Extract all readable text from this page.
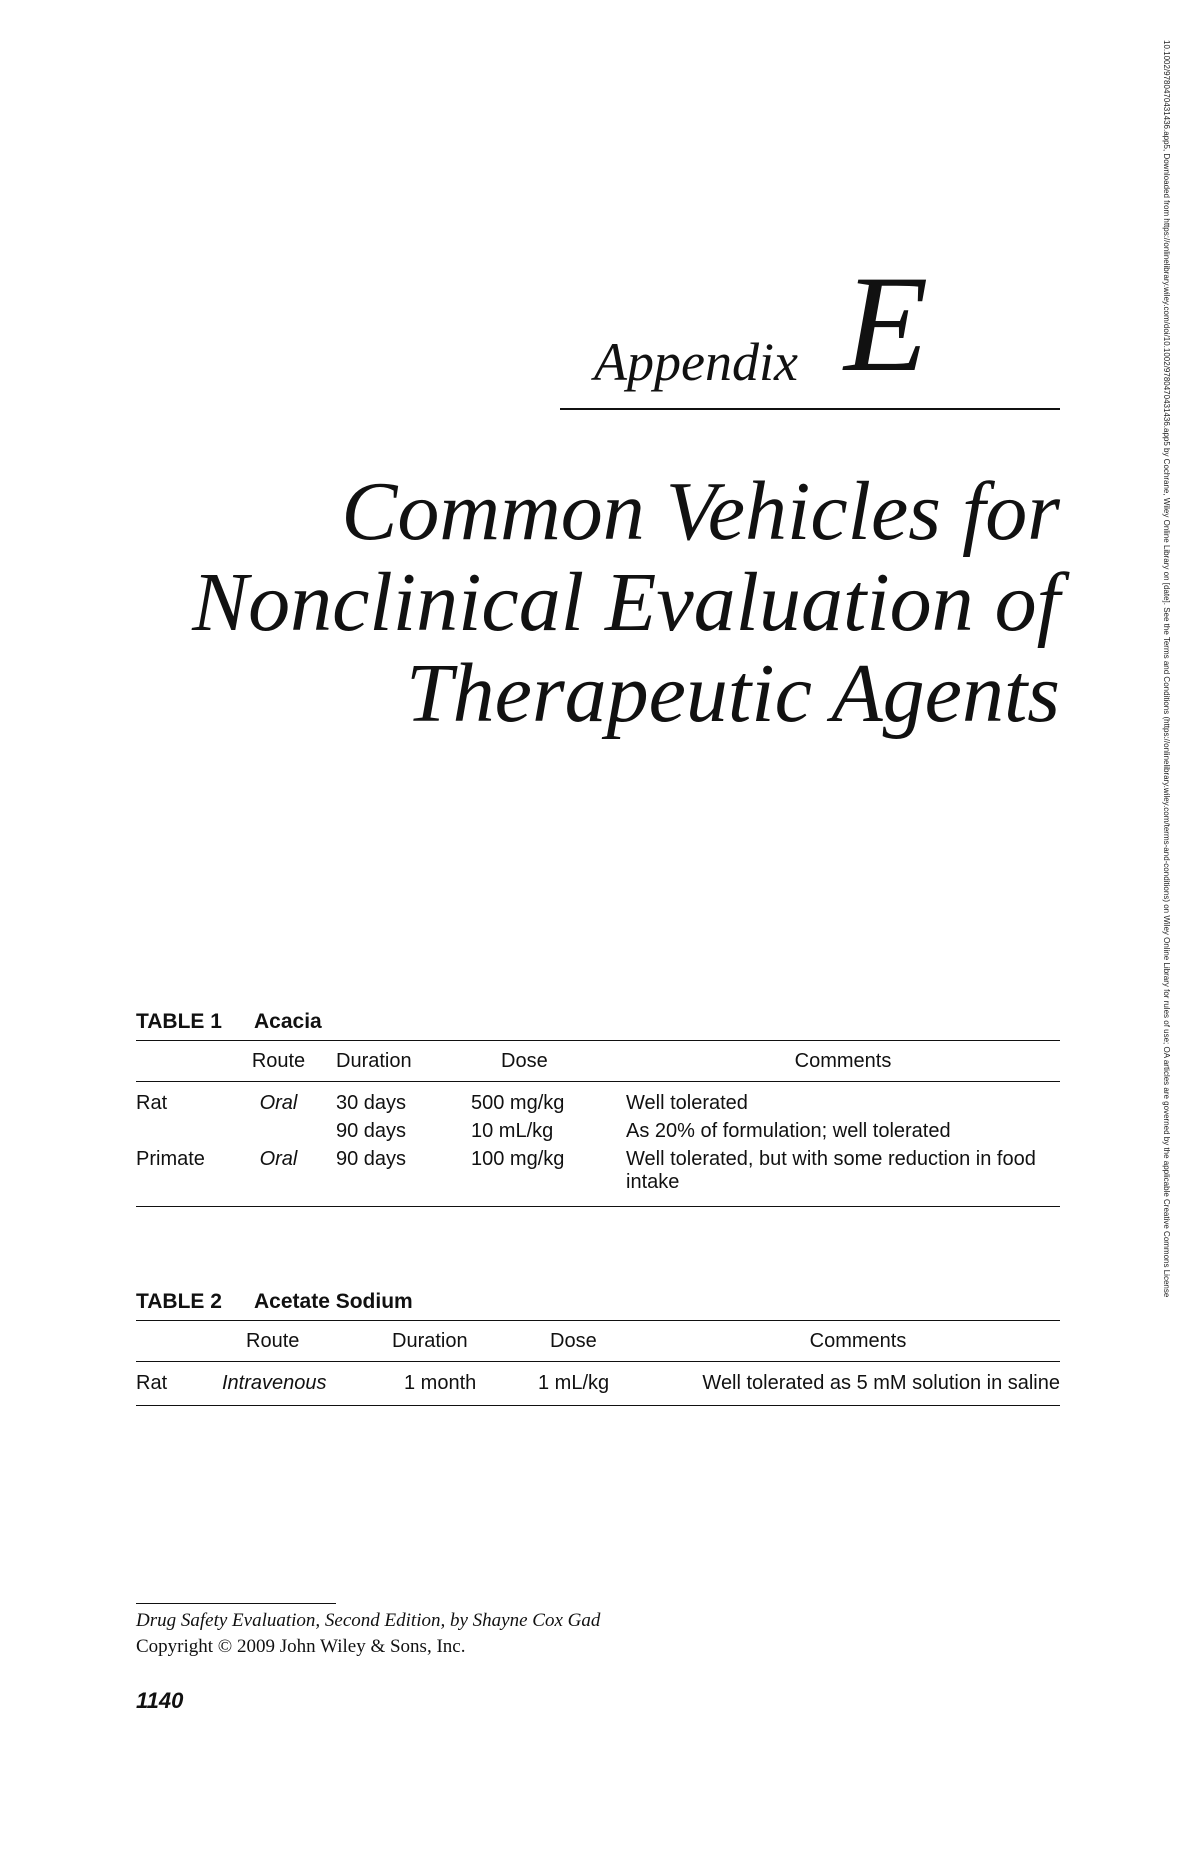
Appendix E
Common Vehicles for
Nonclinical Evaluation of
Therapeutic Agents
TABLE 1 Acacia
	Route	Duration	Dose	Comments
Rat	Oral	30 days	500 mg/kg	Well tolerated
		90 days	10 mL/kg	As 20% of formulation; well tolerated
Primate	Oral	90 days	100 mg/kg	Well tolerated, but with some reduction in food intake
TABLE 2 Acetate Sodium
	Route	Duration	Dose	Comments
Rat	Intravenous	1 month	1 mL/kg	Well tolerated as 5 mM solution in saline
Drug Safety Evaluation, Second Edition, by Shayne Cox Gad
Copyright © 2009 John Wiley & Sons, Inc.
1140
10.1002/9780470431436.app5, Downloaded from https://onlinelibrary.wiley.com/doi/10.1002/9780470431436.app5 by Cochrane, Wiley Online Library on [date]. See the Terms and Conditions (https://onlinelibrary.wiley.com/terms-and-conditions) on Wiley Online Library for rules of use; OA articles are governed by the applicable Creative Commons License
